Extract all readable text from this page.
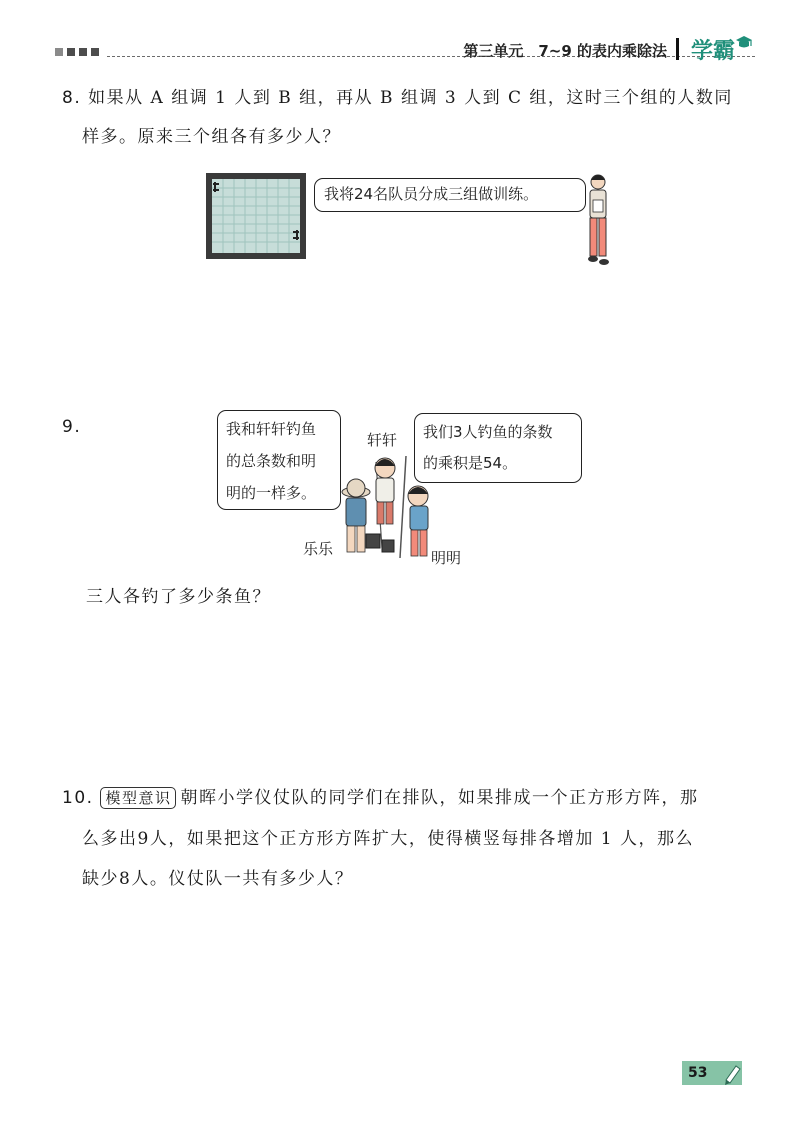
第三单元　7~9 的表内乘除法 学霸
8. 如果从 A 组调 1 人到 B 组，再从 B 组调 3 人到 C 组，这时三个组的人数同
样多。原来三个组各有多少人？
我将24名队员分成三组做训练。
9.	我和轩轩钓鱼
的总条数和明
明的一样多。
我们3人钓鱼的条数
的乘积是54。
轩轩
乐乐	明明
三人各钓了多少条鱼？
10. 模型意识 朝晖小学仪仗队的同学们在排队，如果排成一个正方形方阵，那
么多出9人，如果把这个正方形方阵扩大，使得横竖每排各增加 1 人，那么
缺少8人。仪仗队一共有多少人？
53
